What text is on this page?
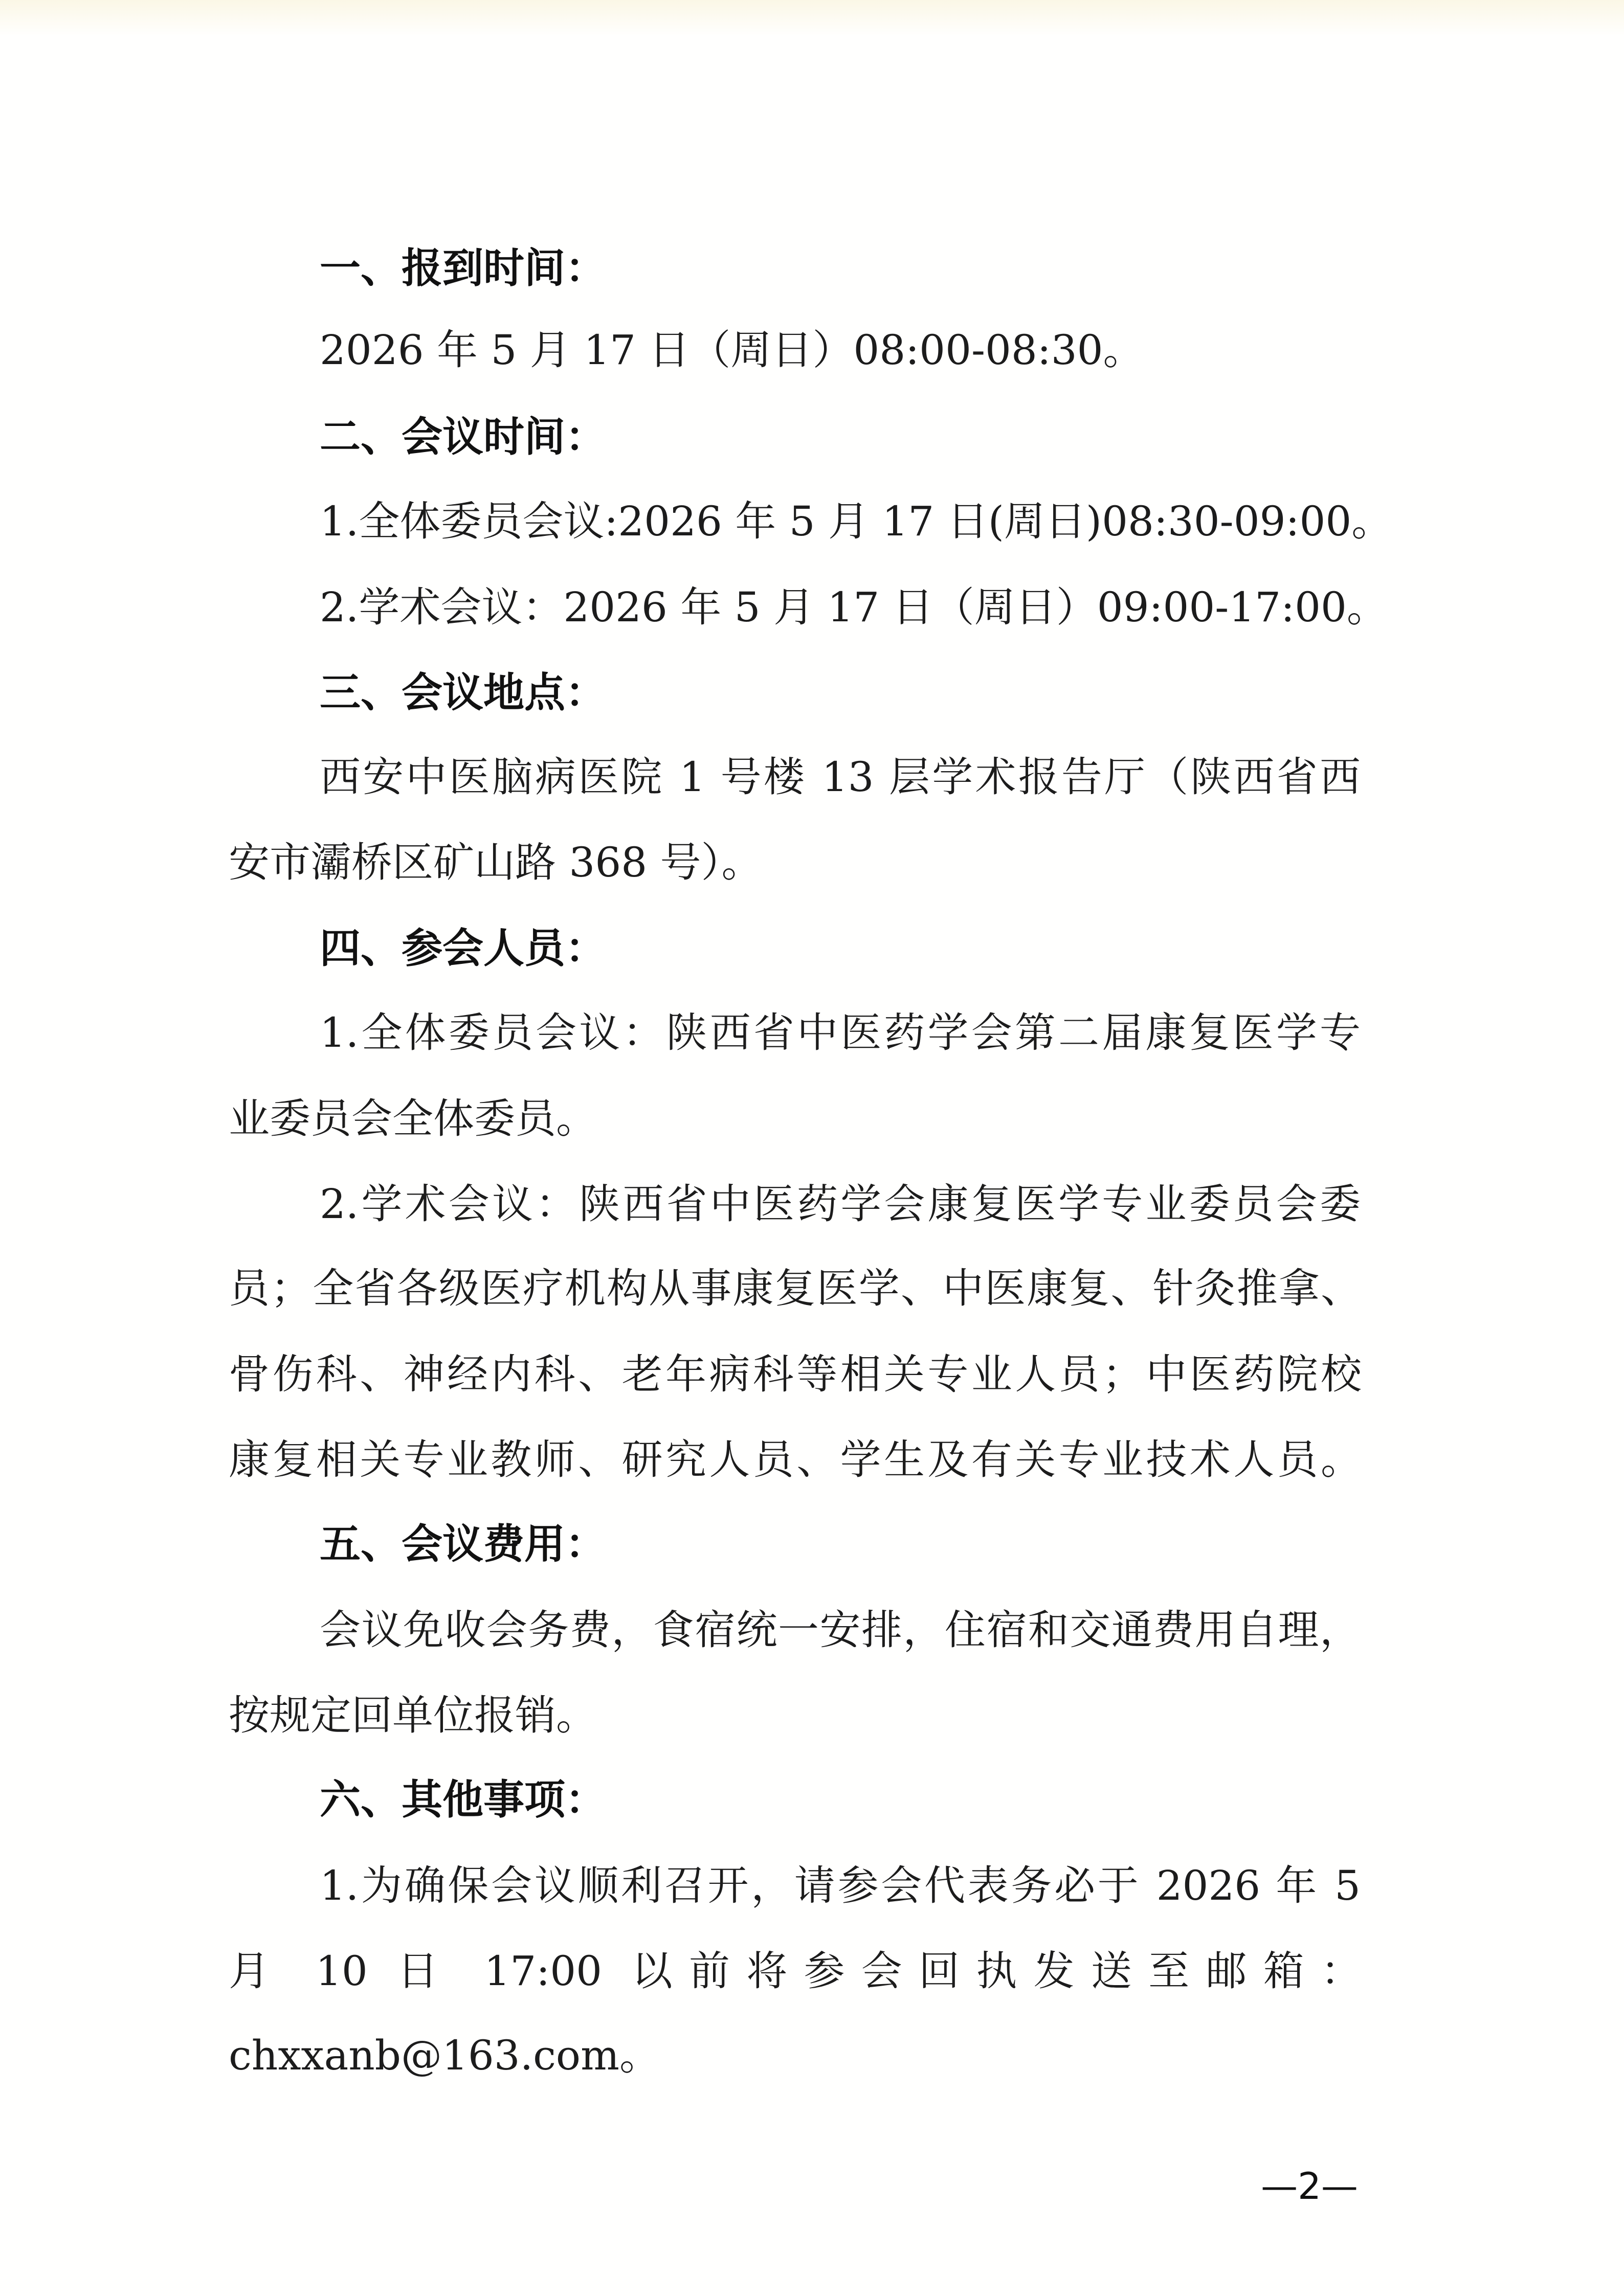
一、报到时间：
2026 年 5 月 17 日（周日）08:00-08:30。
二、会议时间：
1.全体委员会议:2026 年 5 月 17 日(周日)08:30-09:00。
2.学术会议：2026 年 5 月 17 日（周日）09:00-17:00。
三、会议地点：
西安中医脑病医院 1 号楼 13 层学术报告厅（陕西省西
安市灞桥区矿山路 368 号）。
四、参会人员：
1.全体委员会议：陕西省中医药学会第二届康复医学专
业委员会全体委员。
2.学术会议：陕西省中医药学会康复医学专业委员会委
员；全省各级医疗机构从事康复医学、中医康复、针灸推拿、
骨伤科、神经内科、老年病科等相关专业人员；中医药院校
康复相关专业教师、研究人员、学生及有关专业技术人员。
五、会议费用：
会议免收会务费，食宿统一安排，住宿和交通费用自理，
按规定回单位报销。
六、其他事项：
1.为确保会议顺利召开，请参会代表务必于 2026 年 5
月 10 日 17:00 以前将参会回执发送至邮箱：
chxxanb@163.com。
—2—
